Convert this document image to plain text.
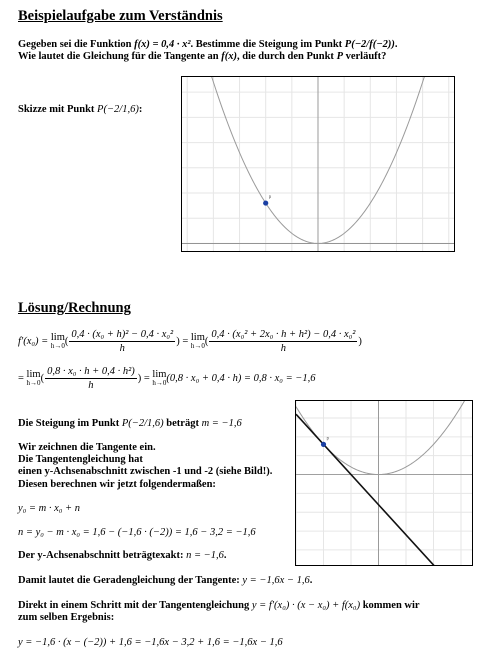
Beispielaufgabe zum Verständnis
Gegeben sei die Funktion f(x) = 0,4 · x². Bestimme die Steigung im Punkt P(−2/f(−2)).
Wie lautet die Gleichung für die Tangente an f(x), die durch den Punkt P verläuft?
Skizze mit Punkt P(−2/1,6):
P
Lösung/Rechnung
f′(x₀) = lim
h→0 ( $\frac{\text{0,4 · (x₀ + h)² − 0,4 · x₀²}}{h}$ ) = lim
h→0 ( $\frac{\text{0,4 · (x₀² + 2x₀ · h + h²) − 0,4 · x₀²}}{h}$ )
= lim
h→0 ( $\frac{\text{0,8 · x₀ · h + 0,4 · h²)}}{h}$ ) = lim
h→0 (0,8 · x₀ + 0,4 · h) = 0,8 · x₀ = −1,6
Die Steigung im Punkt P(−2/1,6) beträgt m = −1,6
Wir zeichnen die Tangente ein.
Die Tangentengleichung hat
einen y-Achsenabschnitt zwischen -1 und -2 (siehe Bild!).
Diesen berechnen wir jetzt folgendermaßen:
y₀ = m · x₀ + n
n = y₀ − m · x₀ = 1,6 − (−1,6 · (−2)) = 1,6 − 3,2 = −1,6
Der y-Achsenabschnitt beträgtexakt: n = −1,6.
Damit lautet die Geradengleichung der Tangente: y = −1,6x − 1,6.
Direkt in einem Schritt mit der Tangentengleichung y = f′(x₀) · (x − x₀) + f(x₀) kommen wir
zum selben Ergebnis:
y = −1,6 · (x − (−2)) + 1,6 = −1,6x − 3,2 + 1,6 = −1,6x − 1,6
P
